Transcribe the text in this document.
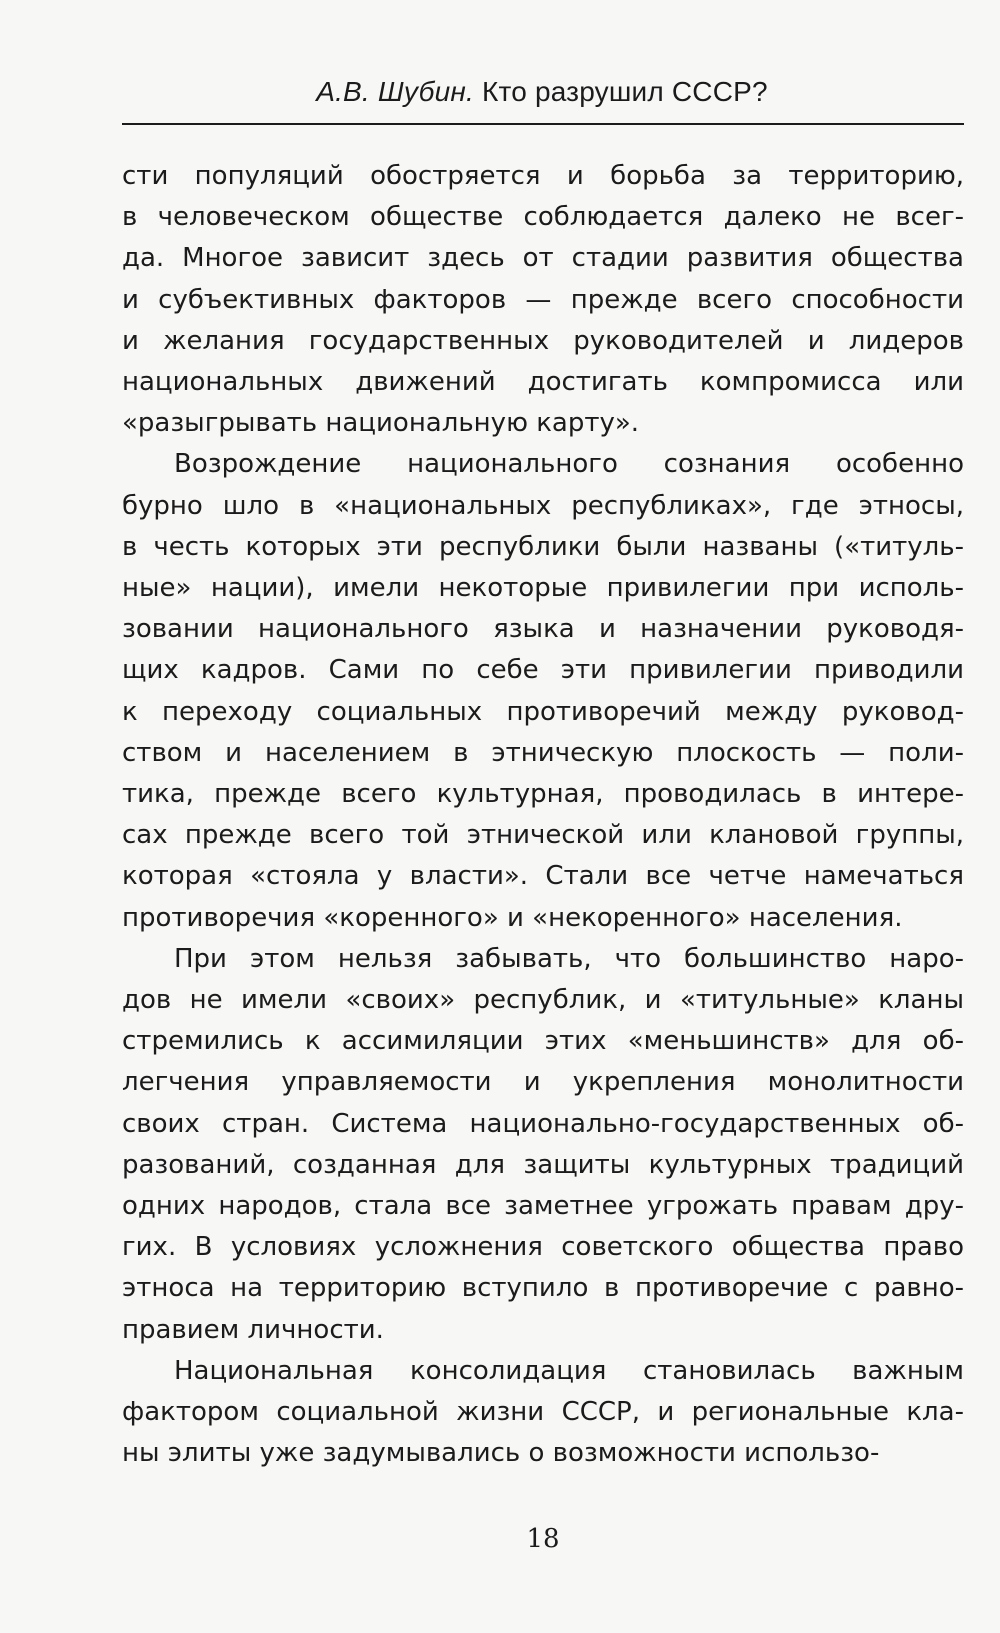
А.В. Шубин. Кто разрушил СССР?
сти популяций обостряется и борьба за территорию,
в человеческом обществе соблюдается далеко не всег-
да. Многое зависит здесь от стадии развития общества
и субъективных факторов — прежде всего способности
и желания государственных руководителей и лидеров
национальных движений достигать компромисса или
«разыгрывать национальную карту».
Возрождение национального сознания особенно
бурно шло в «национальных республиках», где этносы,
в честь которых эти республики были названы («титуль-
ные» нации), имели некоторые привилегии при исполь-
зовании национального языка и назначении руководя-
щих кадров. Сами по себе эти привилегии приводили
к переходу социальных противоречий между руковод-
ством и населением в этническую плоскость — поли-
тика, прежде всего культурная, проводилась в интере-
сах прежде всего той этнической или клановой группы,
которая «стояла у власти». Стали все четче намечаться
противоречия «коренного» и «некоренного» населения.
При этом нельзя забывать, что большинство наро-
дов не имели «своих» республик, и «титульные» кланы
стремились к ассимиляции этих «меньшинств» для об-
легчения управляемости и укрепления монолитности
своих стран. Система национально-государственных об-
разований, созданная для защиты культурных традиций
одних народов, стала все заметнее угрожать правам дру-
гих. В условиях усложнения советского общества право
этноса на территорию вступило в противоречие с равно-
правием личности.
Национальная консолидация становилась важным
фактором социальной жизни СССР, и региональные кла-
ны элиты уже задумывались о возможности использо-
18
